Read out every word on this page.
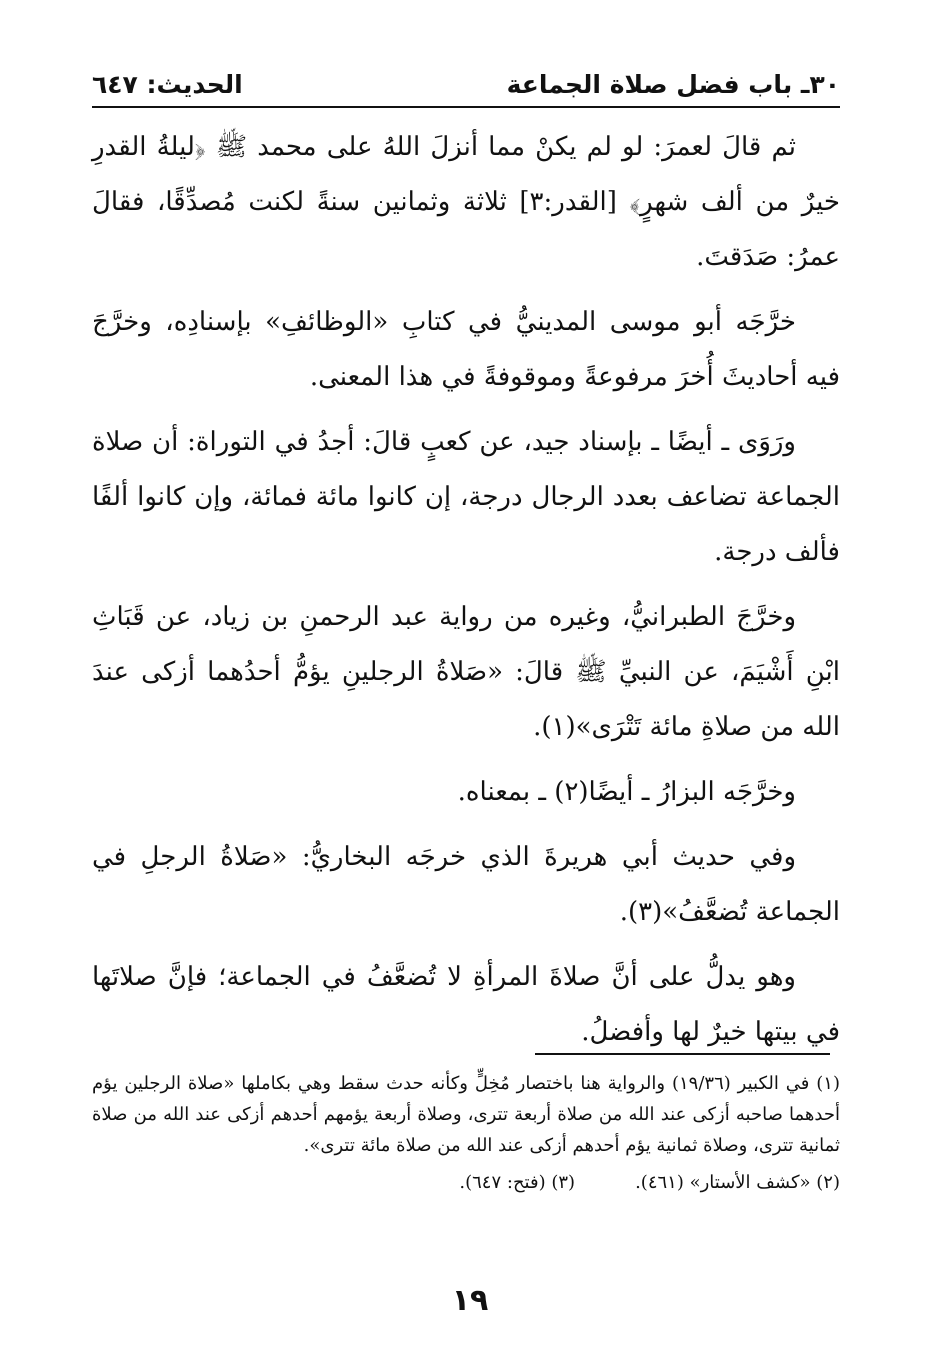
٣٠ـ باب فضل صلاة الجماعة
الحديث: ٦٤٧

ثم قالَ لعمرَ: لو لم يكنْ مما أنزلَ اللهُ على محمد ﷺ ﴿ليلةُ القدرِ خيرٌ من ألف شهرٍ﴾ [القدر:٣] ثلاثة وثمانين سنةً لكنت مُصدِّقًا، فقالَ عمرُ: صَدَقتَ.

خرَّجَه أبو موسى المدينيُّ في كتابِ «الوظائفِ» بإسنادِه، وخرَّجَ فيه أحاديثَ أُخرَ مرفوعةً وموقوفةً في هذا المعنى.

ورَوَى ـ أيضًا ـ بإسناد جيد، عن كعبٍ قالَ: أجدُ في التوراة: أن صلاة الجماعة تضاعف بعدد الرجال درجة، إن كانوا مائة فمائة، وإن كانوا ألفًا فألف درجة.

وخرَّجَ الطبرانيُّ، وغيره من رواية عبد الرحمنِ بن زياد، عن قَبَاثِ ابْنِ أَشْيَمَ، عن النبيِّ ﷺ قالَ: «صَلاةُ الرجلينِ يؤمُّ أحدُهما أزكى عندَ الله من صلاةِ مائة تَتْرَى»(١).

وخرَّجَه البزارُ ـ أيضًا(٢) ـ بمعناه.

وفي حديث أبي هريرةَ الذي خرجَه البخاريُّ: «صَلاةُ الرجلِ في الجماعة تُضعَّفُ»(٣).

وهو يدلُّ على أنَّ صلاةَ المرأةِ لا تُضعَّفُ في الجماعة؛ فإنَّ صلاتَها في بيتها خيرٌ لها وأفضلُ.

(١) في الكبير (١٩/٣٦) والرواية هنا باختصار مُخِلٍّ وكأنه حدث سقط وهي بكاملها «صلاة الرجلين يؤم أحدهما صاحبه أزكى عند الله من صلاة أربعة تترى، وصلاة أربعة يؤمهم أحدهم أزكى عند الله من صلاة ثمانية تترى، وصلاة ثمانية يؤم أحدهم أزكى عند الله من صلاة مائة تترى».

(٢) «كشف الأستار» (٤٦١).
(٣) (فتح: ٦٤٧).
١٩
